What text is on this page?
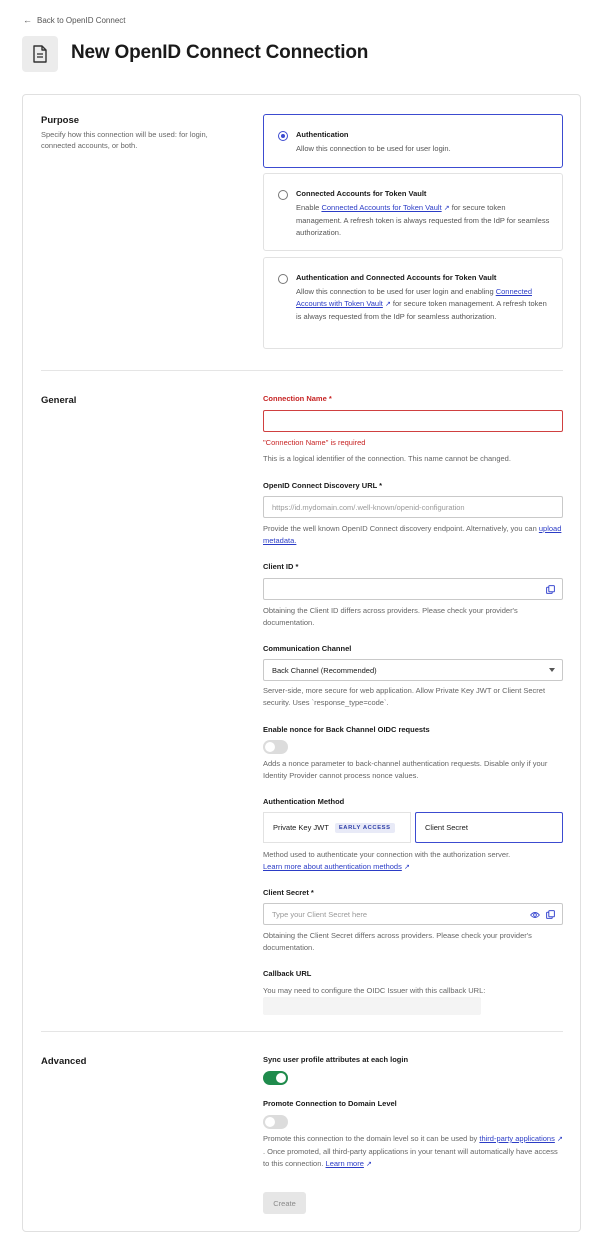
← Back to OpenID Connect
New OpenID Connect Connection
Purpose
Specify how this connection will be used: for login, connected accounts, or both.
Authentication
Allow this connection to be used for user login.
Connected Accounts for Token Vault
Enable Connected Accounts for Token Vault ↗ for secure token management. A refresh token is always requested from the IdP for seamless authorization.
Authentication and Connected Accounts for Token Vault
Allow this connection to be used for user login and enabling Connected Accounts with Token Vault ↗ for secure token management. A refresh token is always requested from the IdP for seamless authorization.
General	Connection Name *
"Connection Name" is required
This is a logical identifier of the connection. This name cannot be changed.
OpenID Connect Discovery URL *
https://id.mydomain.com/.well-known/openid-configuration
Provide the well known OpenID Connect discovery endpoint. Alternatively, you can upload metadata.
Client ID *
Obtaining the Client ID differs across providers. Please check your provider's documentation.
Communication Channel
Back Channel (Recommended)
Server-side, more secure for web application. Allow Private Key JWT or Client Secret security. Uses `response_type=code`.
Enable nonce for Back Channel OIDC requests
Adds a nonce parameter to back-channel authentication requests. Disable only if your Identity Provider cannot process nonce values.
Authentication Method
Private Key JWT	EARLY ACCESS	Client Secret
Method used to authenticate your connection with the authorization server.
Learn more about authentication methods ↗
Client Secret *
Type your Client Secret here
Obtaining the Client Secret differs across providers. Please check your provider's documentation.
Callback URL
You may need to configure the OIDC Issuer with this callback URL:
Advanced	Sync user profile attributes at each login
Promote Connection to Domain Level
Promote this connection to the domain level so it can be used by third-party applications ↗. Once promoted, all third-party applications in your tenant will automatically have access to this connection. Learn more ↗
Create
